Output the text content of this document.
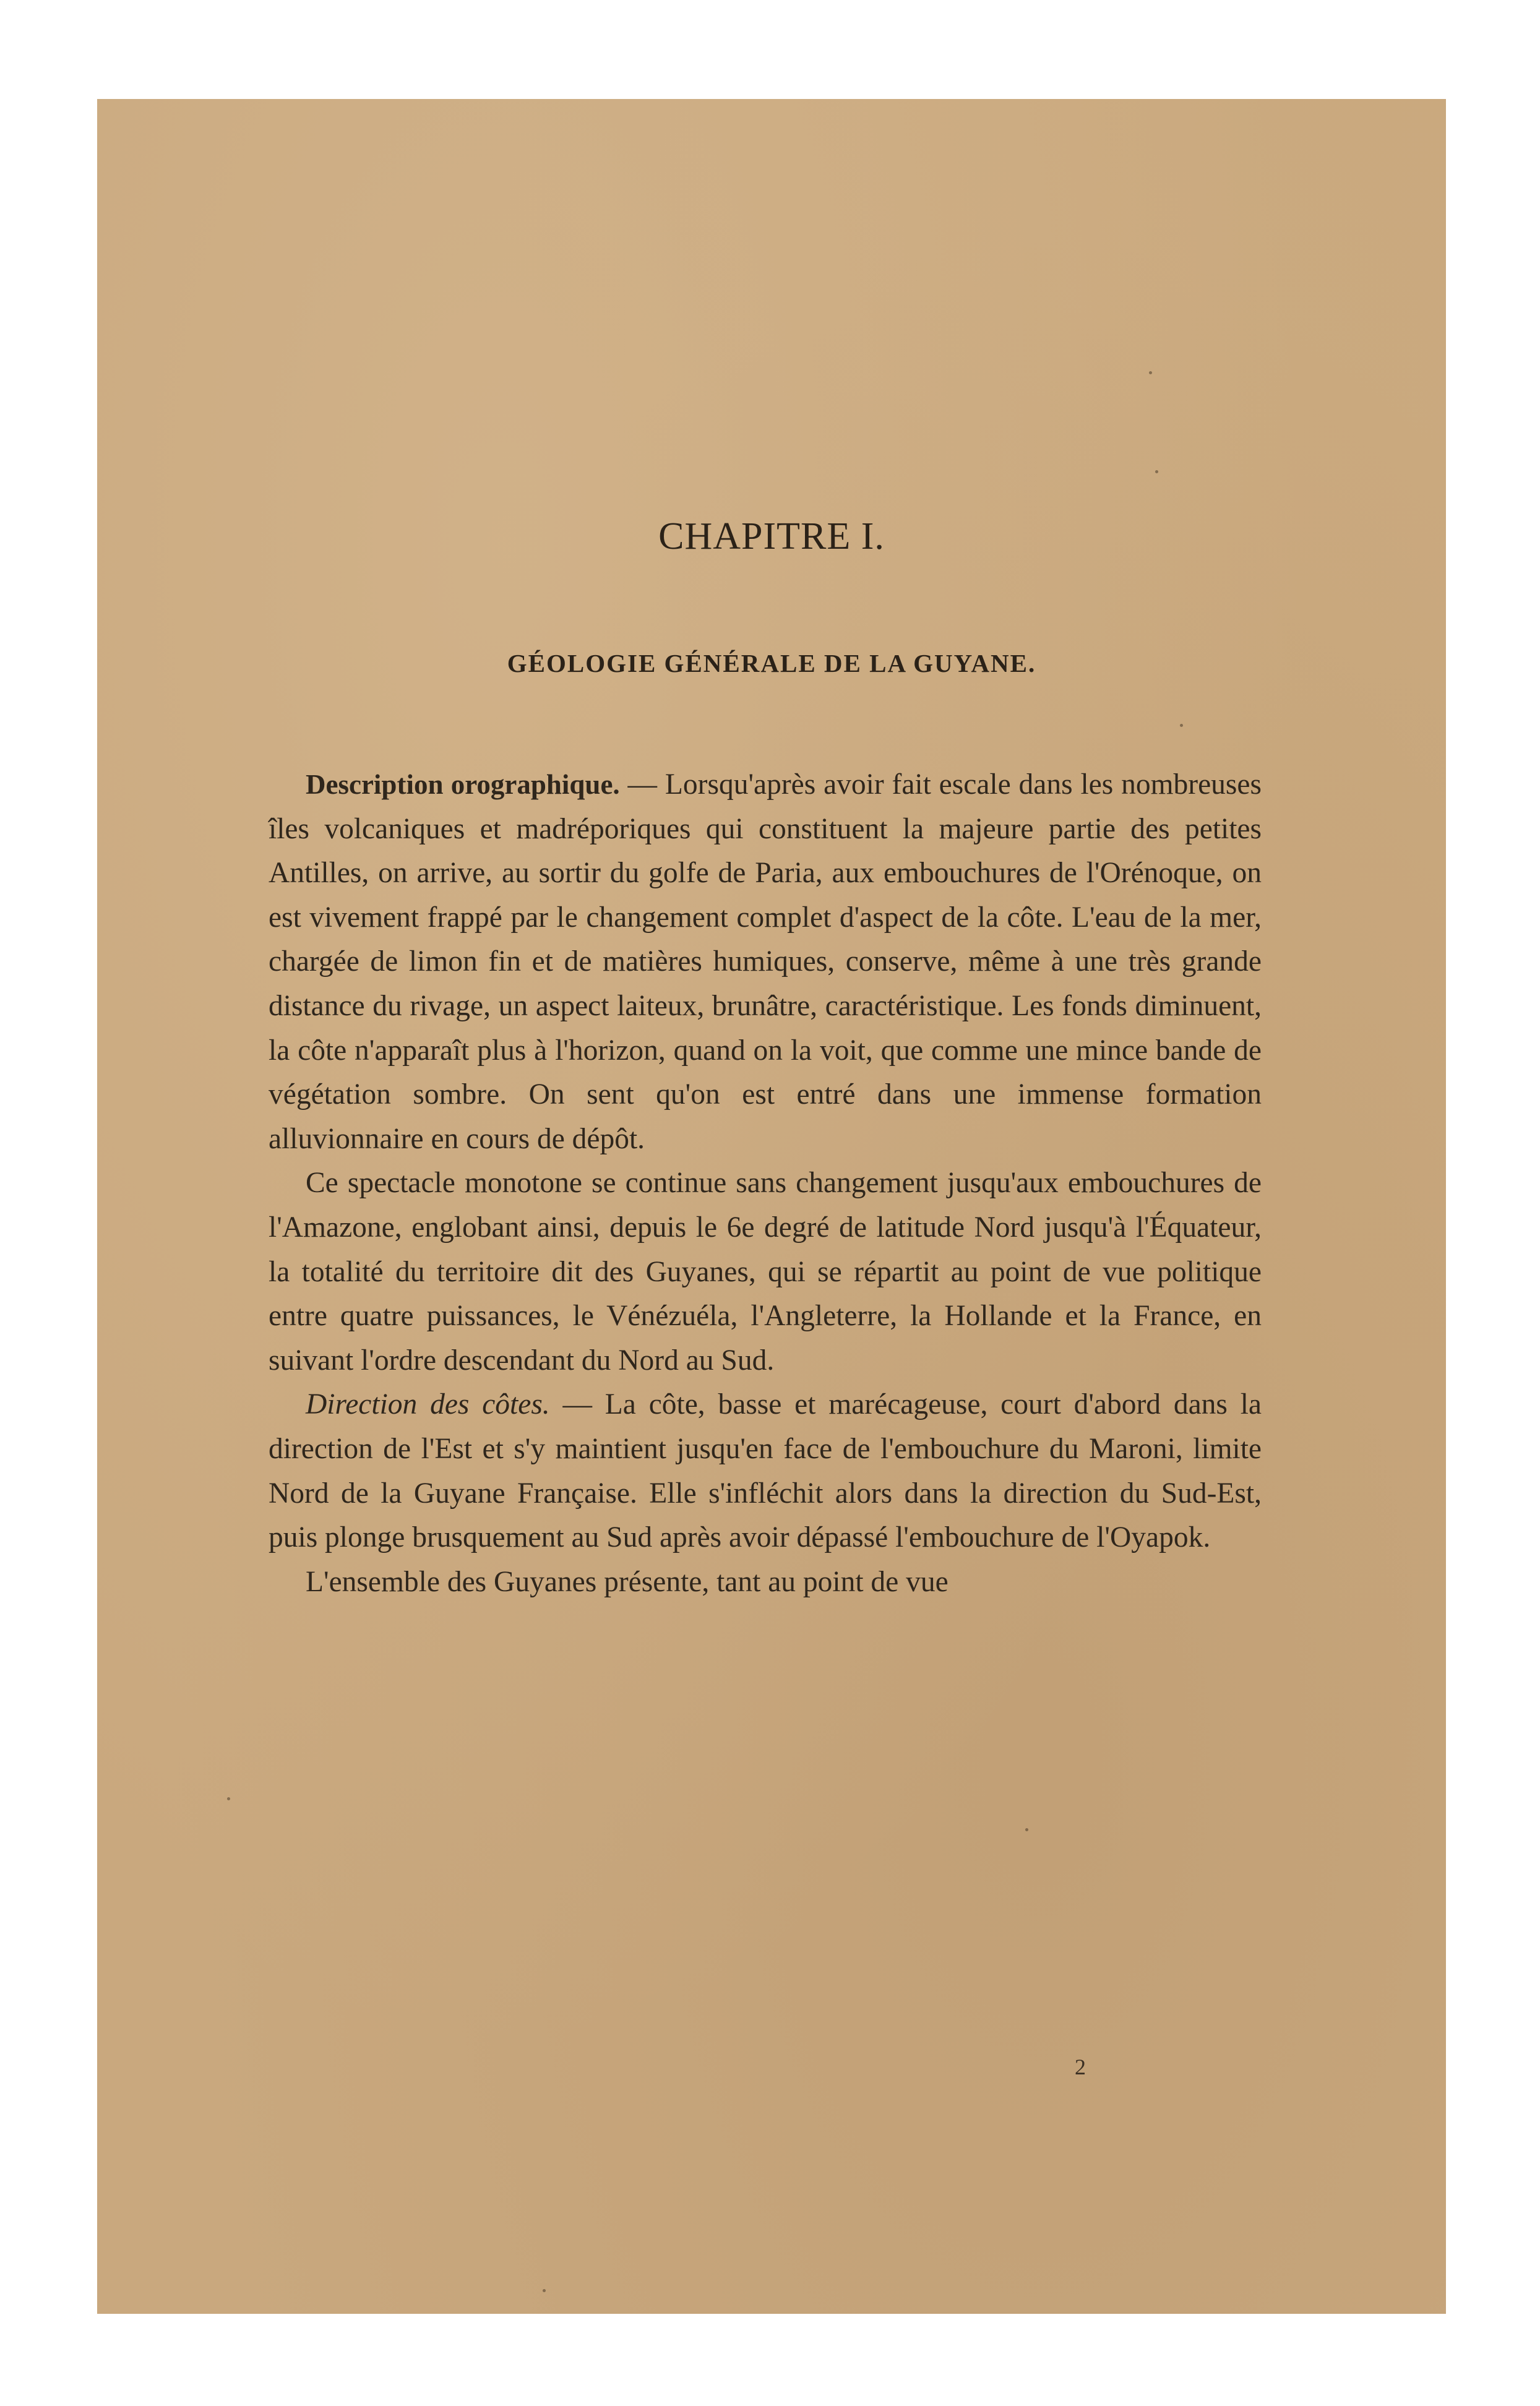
CHAPITRE I.
GÉOLOGIE GÉNÉRALE DE LA GUYANE.

Description orographique. — Lorsqu'après avoir fait escale dans les nombreuses îles volcaniques et madréporiques qui constituent la majeure partie des petites Antilles, on arrive, au sortir du golfe de Paria, aux embouchures de l'Orénoque, on est vivement frappé par le changement complet d'aspect de la côte. L'eau de la mer, chargée de limon fin et de matières humiques, conserve, même à une très grande distance du rivage, un aspect laiteux, brunâtre, caractéristique. Les fonds diminuent, la côte n'apparaît plus à l'horizon, quand on la voit, que comme une mince bande de végétation sombre. On sent qu'on est entré dans une immense formation alluvionnaire en cours de dépôt.

Ce spectacle monotone se continue sans changement jusqu'aux embouchures de l'Amazone, englobant ainsi, depuis le 6e degré de latitude Nord jusqu'à l'Équateur, la totalité du territoire dit des Guyanes, qui se répartit au point de vue politique entre quatre puissances, le Vénézuéla, l'Angleterre, la Hollande et la France, en suivant l'ordre descendant du Nord au Sud.

Direction des côtes. — La côte, basse et marécageuse, court d'abord dans la direction de l'Est et s'y maintient jusqu'en face de l'embouchure du Maroni, limite Nord de la Guyane Française. Elle s'infléchit alors dans la direction du Sud-Est, puis plonge brusquement au Sud après avoir dépassé l'embouchure de l'Oyapok.

L'ensemble des Guyanes présente, tant au point de vue

2
